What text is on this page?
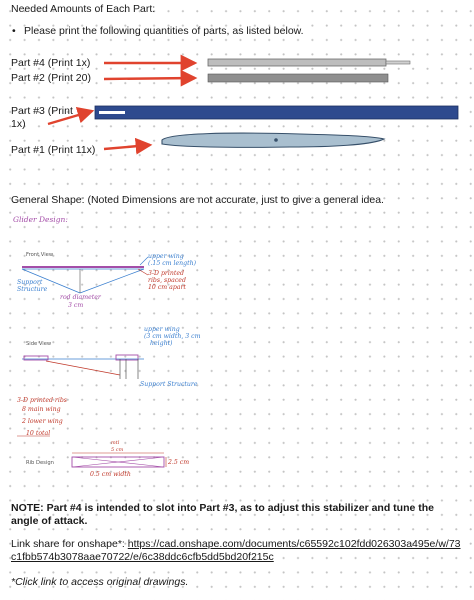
Needed Amounts of Each Part:
• Please print the following quantities of parts, as listed below.
Part #4 (Print 1x)
Part #2 (Print 20)
Part #3 (Print 1x)
Part #1 (Print 11x)
General Shape: (Noted Dimensions are not accurate, just to give a general idea.
Glider Design:
Front View	upper wing
(.15 cm length)
3-D printed
ribs, spaced
10 cm apart
Support
Structure
rod diameter
3 cm
Side View
upper wing
(3 cm width, 3 cm
height)
Support Structure
3-D printed ribs
8 main wing
2 lower wing
10 total
Rib Design
mtl
5 cm
2.5 cm
0.5 cm width
NOTE: Part #4 is intended to slot into Part #3, as to adjust this stabilizer and tune the angle of attack.
Link share for onshape*: https://cad.onshape.com/documents/c65592c102fdd026303a495e/w/73c1fbb574b3078aae70722/e/6c38ddc6cfb5dd5bd20f215c
*Click link to access original drawings.
